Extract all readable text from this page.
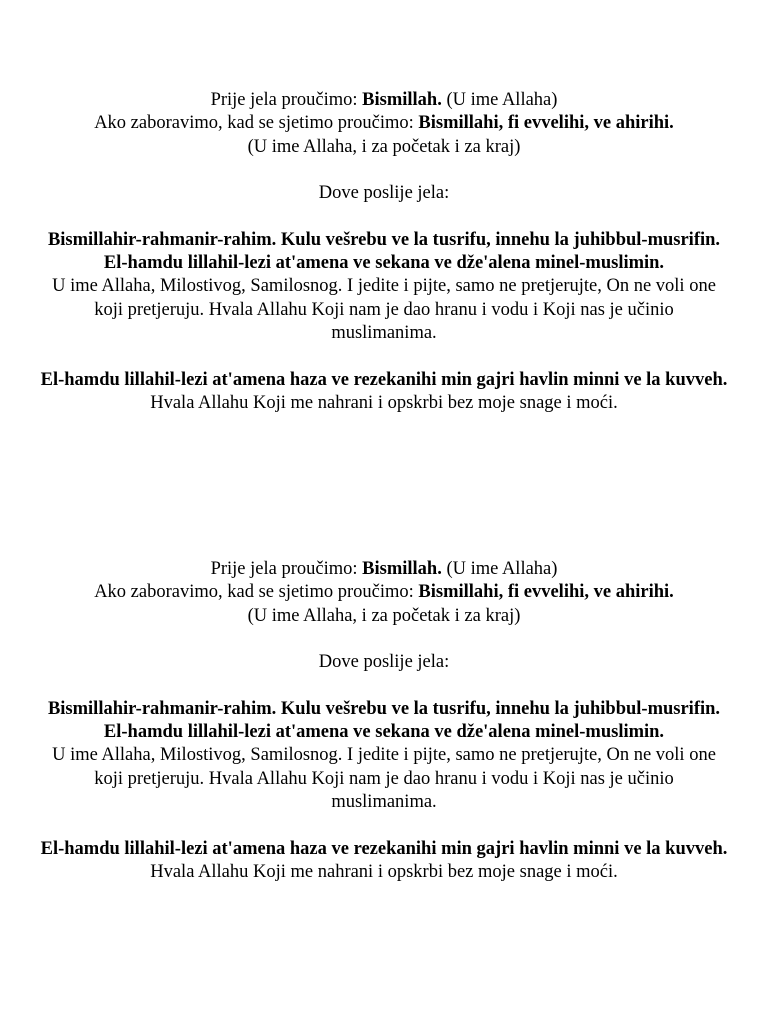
Prije jela proučimo: Bismillah. (U ime Allaha)

Ako zaboravimo, kad se sjetimo proučimo: Bismillahi, fi evvelihi, ve ahirihi.

(U ime Allaha, i za početak i za kraj)

Dove poslije jela:

Bismillahir-rahmanir-rahim. Kulu vešrebu ve la tusrifu, innehu la juhibbul-musrifin.

El-hamdu lillahil-lezi at'amena ve sekana ve dže'alena minel-muslimin.

U ime Allaha, Milostivog, Samilosnog. I jedite i pijte, samo ne pretjerujte, On ne voli one koji pretjeruju. Hvala Allahu Koji nam je dao hranu i vodu i Koji nas je učinio muslimanima.

El-hamdu lillahil-lezi at'amena haza ve rezekanihi min gajri havlin minni ve la kuvveh.

Hvala Allahu Koji me nahrani i opskrbi bez moje snage i moći.

Prije jela proučimo: Bismillah. (U ime Allaha)

Ako zaboravimo, kad se sjetimo proučimo: Bismillahi, fi evvelihi, ve ahirihi.

(U ime Allaha, i za početak i za kraj)

Dove poslije jela:

Bismillahir-rahmanir-rahim. Kulu vešrebu ve la tusrifu, innehu la juhibbul-musrifin.

El-hamdu lillahil-lezi at'amena ve sekana ve dže'alena minel-muslimin.

U ime Allaha, Milostivog, Samilosnog. I jedite i pijte, samo ne pretjerujte, On ne voli one koji pretjeruju. Hvala Allahu Koji nam je dao hranu i vodu i Koji nas je učinio muslimanima.

El-hamdu lillahil-lezi at'amena haza ve rezekanihi min gajri havlin minni ve la kuvveh.

Hvala Allahu Koji me nahrani i opskrbi bez moje snage i moći.
